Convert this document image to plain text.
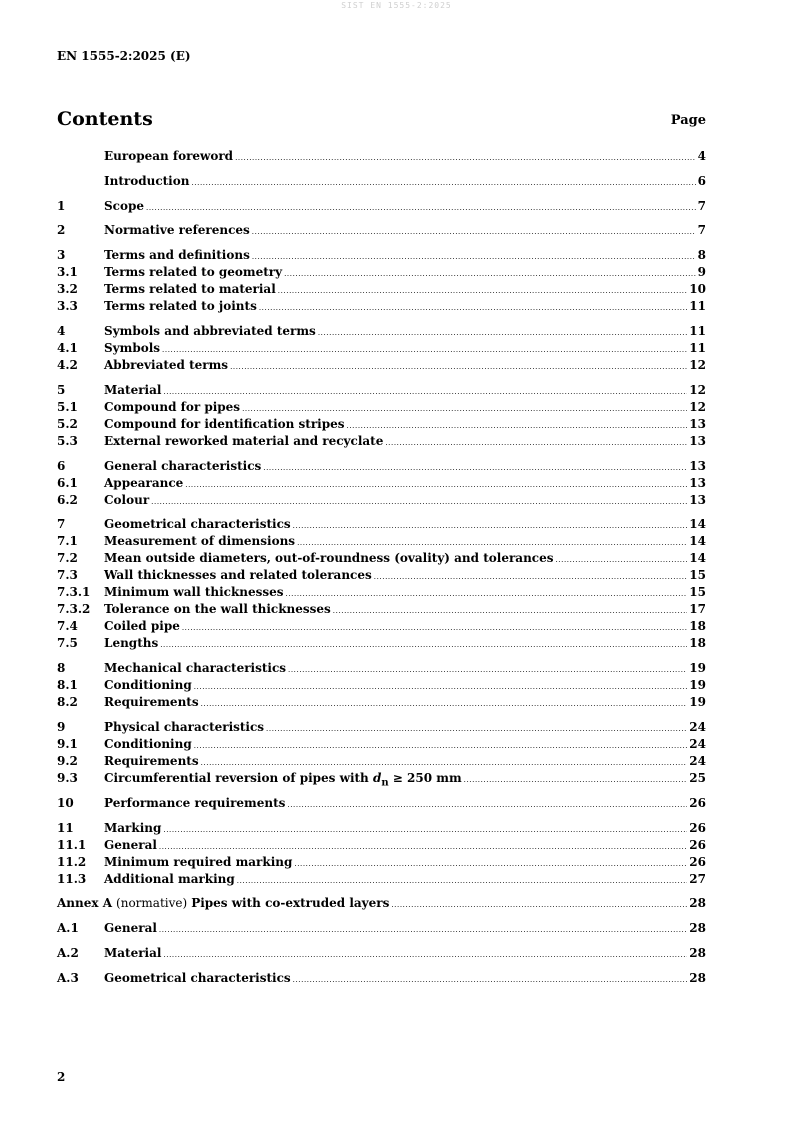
SIST EN 1555-2:2025
EN 1555-2:2025 (E)
Contents	Page
European foreword .....	4
Introduction .....	6
1	Scope .....	7
2	Normative references .....	7
3	Terms and definitions .....	8
3.1	Terms related to geometry .....	9
3.2	Terms related to material .....	10
3.3	Terms related to joints .....	11
4	Symbols and abbreviated terms .....	11
4.1	Symbols .....	11
4.2	Abbreviated terms .....	12
5	Material .....	12
5.1	Compound for pipes .....	12
5.2	Compound for identification stripes .....	13
5.3	External reworked material and recyclate .....	13
6	General characteristics .....	13
6.1	Appearance .....	13
6.2	Colour .....	13
7	Geometrical characteristics .....	14
7.1	Measurement of dimensions .....	14
7.2	Mean outside diameters, out-of-roundness (ovality) and tolerances .....	14
7.3	Wall thicknesses and related tolerances .....	15
7.3.1	Minimum wall thicknesses .....	15
7.3.2	Tolerance on the wall thicknesses .....	17
7.4	Coiled pipe .....	18
7.5	Lengths .....	18
8	Mechanical characteristics .....	19
8.1	Conditioning .....	19
8.2	Requirements .....	19
9	Physical characteristics .....	24
9.1	Conditioning .....	24
9.2	Requirements .....	24
9.3	Circumferential reversion of pipes with $d_n \ge 250$ mm .....	25
10	Performance requirements .....	26
11	Marking .....	26
11.1	General .....	26
11.2	Minimum required marking .....	26
11.3	Additional marking .....	27
Annex A (normative) Pipes with co-extruded layers .....	28
A.1	General .....	28
A.2	Material .....	28
A.3	Geometrical characteristics .....	28
2
